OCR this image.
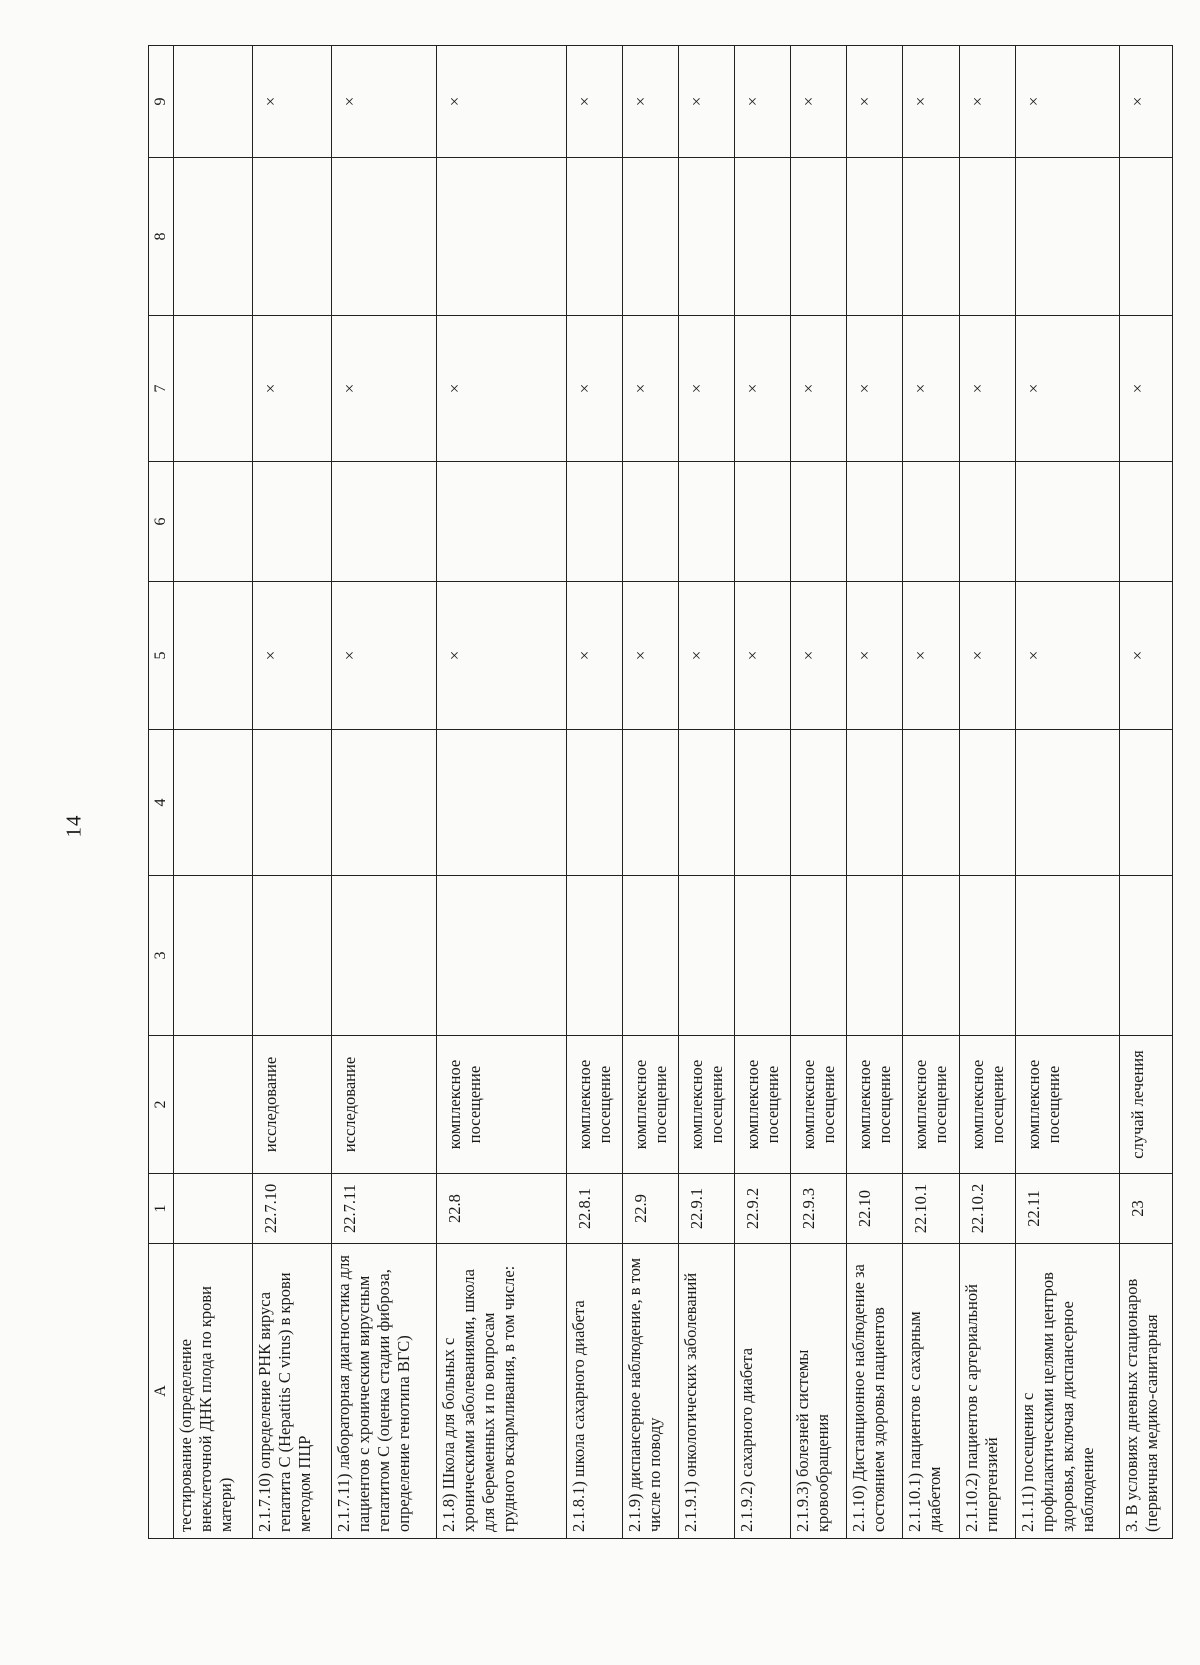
14
А	1	2	3	4	5	6	7	8	9
тестирование (определение внеклеточной ДНК плода по крови матери)									
2.1.7.10) определение РНК вируса гепатита С (Hepatitis C virus) в крови методом ПЦР	22.7.10	исследование			×		×		×
2.1.7.11) лабораторная диагностика для пациентов с хроническим вирусным гепатитом С (оценка стадии фиброза, определение генотипа ВГС)	22.7.11	исследование			×		×		×
2.1.8) Школа для больных с хроническими заболеваниями, школа для беременных и по вопросам грудного вскармливания, в том числе:	22.8	комплексное посещение			×		×		×
2.1.8.1) школа сахарного диабета	22.8.1	комплексное посещение			×		×		×
2.1.9) диспансерное наблюдение, в том числе по поводу	22.9	комплексное посещение			×		×		×
2.1.9.1) онкологических заболеваний	22.9.1	комплексное посещение			×		×		×
2.1.9.2) сахарного диабета	22.9.2	комплексное посещение			×		×		×
2.1.9.3) болезней системы кровообращения	22.9.3	комплексное посещение			×		×		×
2.1.10) Дистанционное наблюдение за состоянием здоровья пациентов	22.10	комплексное посещение			×		×		×
2.1.10.1) пациентов с сахарным диабетом	22.10.1	комплексное посещение			×		×		×
2.1.10.2) пациентов с артериальной гипертензией	22.10.2	комплексное посещение			×		×		×
2.1.11) посещения с профилактическими целями центров здоровья, включая диспансерное наблюдение	22.11	комплексное посещение			×		×		×
3. В условиях дневных стационаров (первичная медико-санитарная	23	случай лечения			×		×		×
